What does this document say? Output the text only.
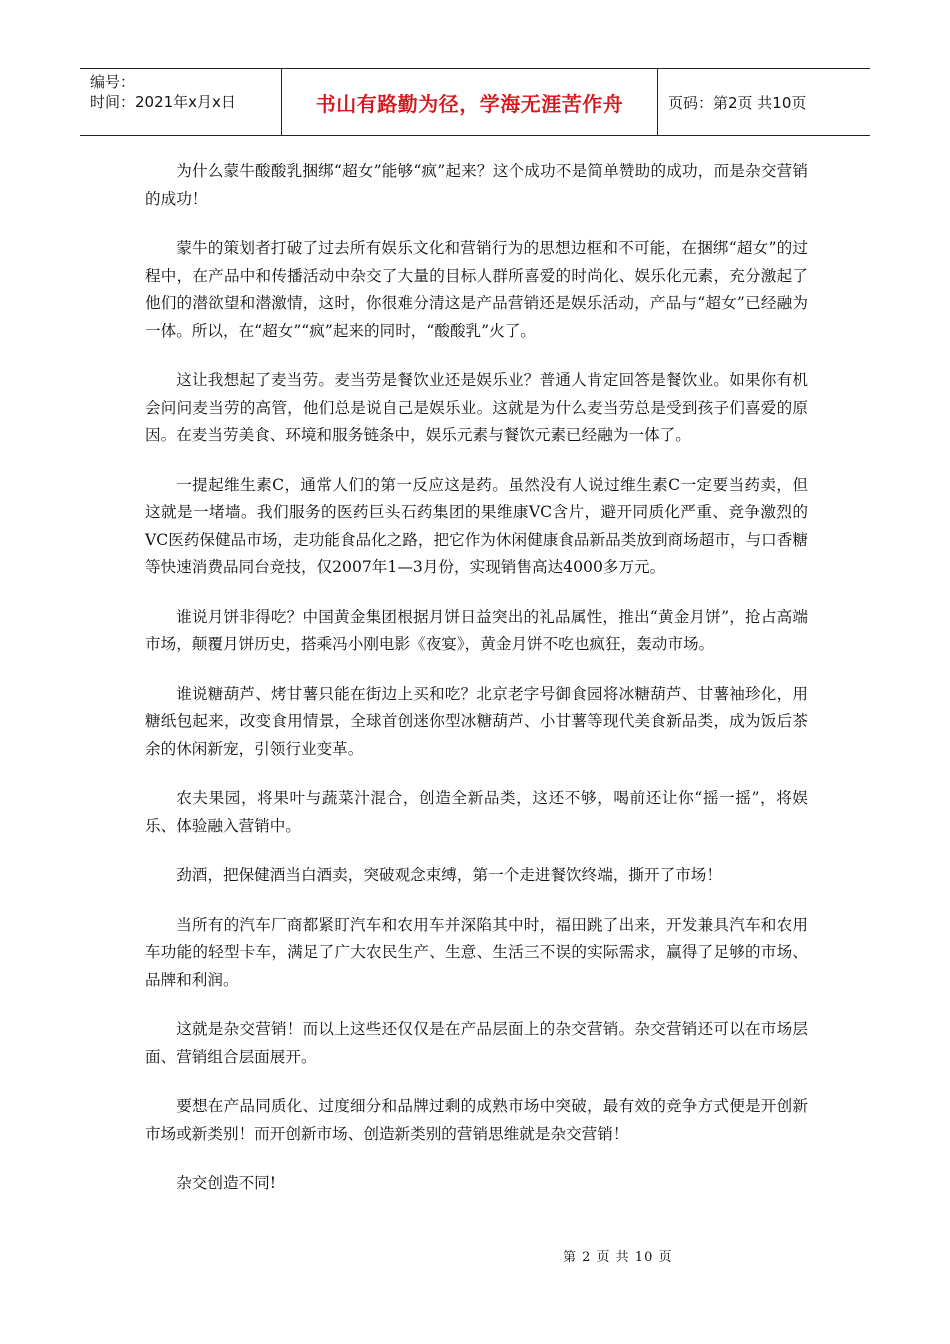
编号：
时间：2021年x月x日	书山有路勤为径，学海无涯苦作舟	页码：第2页 共10页

为什么蒙牛酸酸乳捆绑“超女”能够“疯”起来？这个成功不是简单赞助的成功，而是杂交营销的成功！

蒙牛的策划者打破了过去所有娱乐文化和营销行为的思想边框和不可能，在捆绑“超女”的过程中，在产品中和传播活动中杂交了大量的目标人群所喜爱的时尚化、娱乐化元素，充分激起了他们的潜欲望和潜激情，这时，你很难分清这是产品营销还是娱乐活动，产品与“超女”已经融为一体。所以，在“超女”“疯”起来的同时，“酸酸乳”火了。

这让我想起了麦当劳。麦当劳是餐饮业还是娱乐业？普通人肯定回答是餐饮业。如果你有机会问问麦当劳的高管，他们总是说自己是娱乐业。这就是为什么麦当劳总是受到孩子们喜爱的原因。在麦当劳美食、环境和服务链条中，娱乐元素与餐饮元素已经融为一体了。

一提起维生素C，通常人们的第一反应这是药。虽然没有人说过维生素C一定要当药卖，但这就是一堵墙。我们服务的医药巨头石药集团的果维康VC含片，避开同质化严重、竞争激烈的VC医药保健品市场，走功能食品化之路，把它作为休闲健康食品新品类放到商场超市，与口香糖等快速消费品同台竞技，仅2007年1—3月份，实现销售高达4000多万元。

谁说月饼非得吃？中国黄金集团根据月饼日益突出的礼品属性，推出“黄金月饼”，抢占高端市场，颠覆月饼历史，搭乘冯小刚电影《夜宴》，黄金月饼不吃也疯狂，轰动市场。

谁说糖葫芦、烤甘薯只能在街边上买和吃？北京老字号御食园将冰糖葫芦、甘薯袖珍化，用糖纸包起来，改变食用情景，全球首创迷你型冰糖葫芦、小甘薯等现代美食新品类，成为饭后茶余的休闲新宠，引领行业变革。

农夫果园，将果叶与蔬菜汁混合，创造全新品类，这还不够，喝前还让你“摇一摇”，将娱乐、体验融入营销中。

劲酒，把保健酒当白酒卖，突破观念束缚，第一个走进餐饮终端，撕开了市场！

当所有的汽车厂商都紧盯汽车和农用车并深陷其中时，福田跳了出来，开发兼具汽车和农用车功能的轻型卡车，满足了广大农民生产、生意、生活三不误的实际需求，赢得了足够的市场、品牌和利润。

这就是杂交营销！而以上这些还仅仅是在产品层面上的杂交营销。杂交营销还可以在市场层面、营销组合层面展开。

要想在产品同质化、过度细分和品牌过剩的成熟市场中突破，最有效的竞争方式便是开创新市场或新类别！而开创新市场、创造新类别的营销思维就是杂交营销！

杂交创造不同!

第 2 页 共 10 页
